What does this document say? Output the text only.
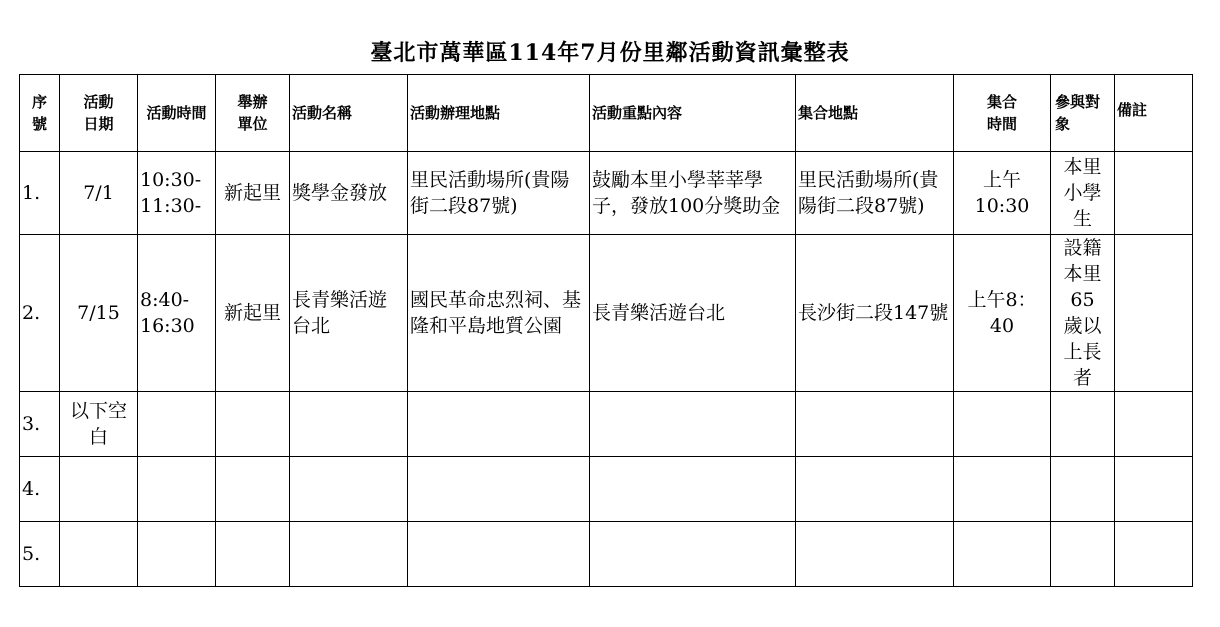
臺北市萬華區114年7月份里鄰活動資訊彙整表
序號	活動日期	活動時間	舉辦單位	活動名稱	活動辦理地點	活動重點內容	集合地點	集合時間	參與對象	備註
1.	7/1	10:30-11:30-	新起里	獎學金發放	里民活動場所(貴陽街二段87號)	鼓勵本里小學莘莘學子，發放100分獎助金	里民活動場所(貴陽街二段87號)	上午10:30	本里小學生	
2.	7/15	8:40-16:30	新起里	長青樂活遊台北	國民革命忠烈祠、基隆和平島地質公園	長青樂活遊台北	長沙街二段147號	上午8：40	設籍本里65歲以上長者	
3.	以下空白									
4.										
5.										
